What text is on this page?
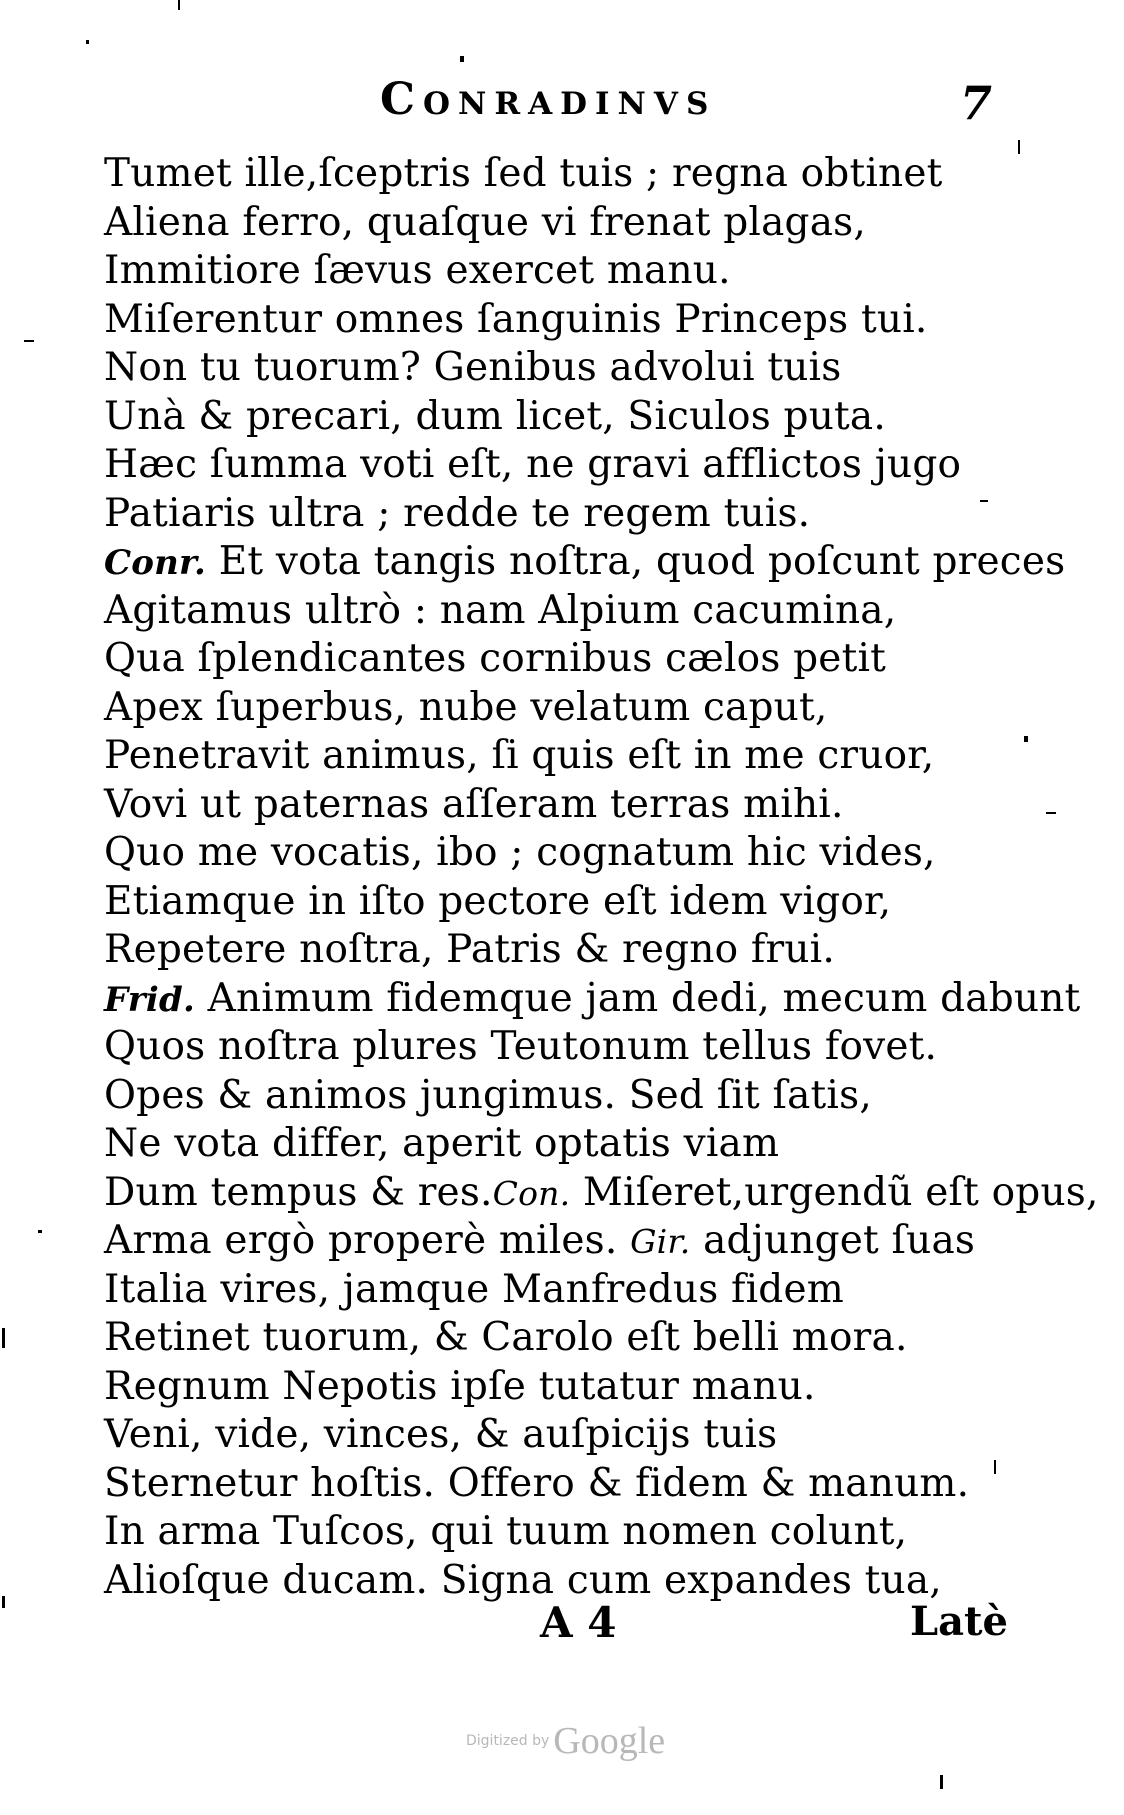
Conradinvs	7
Tumet ille,ſceptris ſed tuis ; regna obtinet
Aliena ferro, quaſque vi frenat plagas,
Immitiore ſævus exercet manu.
Miſerentur omnes ſanguinis Princeps tui.
Non tu tuorum? Genibus advolui tuis
Unà & precari, dum licet, Siculos puta.
Hæc ſumma voti eſt, ne gravi afflictos jugo
Patiaris ultra ; redde te regem tuis.
Conr. Et vota tangis noſtra, quod poſcunt preces
Agitamus ultrò : nam Alpium cacumina,
Qua ſplendicantes cornibus cælos petit
Apex ſuperbus, nube velatum caput,
Penetravit animus, ſi quis eſt in me cruor,
Vovi ut paternas aſſeram terras mihi.
Quo me vocatis, ibo ; cognatum hic vides,
Etiamque in iſto pectore eſt idem vigor,
Repetere noſtra, Patris & regno frui.
Frid. Animum fidemque jam dedi, mecum dabunt
Quos noſtra plures Teutonum tellus fovet.
Opes & animos jungimus. Sed ſit ſatis,
Ne vota differ, aperit optatis viam
Dum tempus & res.Con. Miſeret,urgendũ eſt opus,
Arma ergò properè miles. Gir. adjunget ſuas
Italia vires, jamque Manfredus fidem
Retinet tuorum, & Carolo eſt belli mora.
Regnum Nepotis ipſe tutatur manu.
Veni, vide, vinces, & auſpicijs tuis
Sternetur hoſtis. Offero & fidem & manum.
In arma Tuſcos, qui tuum nomen colunt,
Alioſque ducam. Signa cum expandes tua,
A 4	Latè
Digitized by Google
